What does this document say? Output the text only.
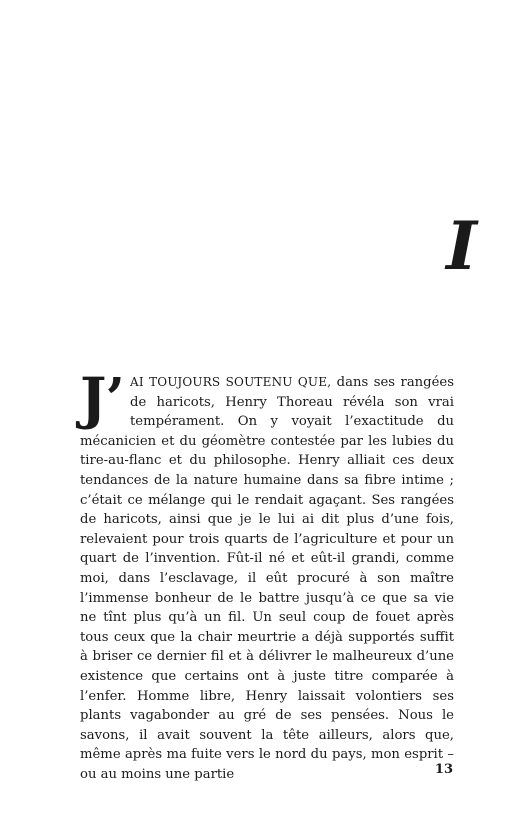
I

J’ AI TOUJOURS SOUTENU QUE, dans ses rangées de haricots, Henry Thoreau révéla son vrai tempérament. On y voyait l’exactitude du mécanicien et du géomètre contestée par les lubies du tire-au-flanc et du philosophe. Henry alliait ces deux tendances de la nature humaine dans sa fibre intime ; c’était ce mélange qui le rendait agaçant. Ses rangées de haricots, ainsi que je le lui ai dit plus d’une fois, relevaient pour trois quarts de l’agriculture et pour un quart de l’invention. Fût-il né et eût-il grandi, comme moi, dans l’esclavage, il eût procuré à son maître l’immense bonheur de le battre jusqu’à ce que sa vie ne tînt plus qu’à un fil. Un seul coup de fouet après tous ceux que la chair meurtrie a déjà supportés suffit à briser ce dernier fil et à délivrer le malheureux d’une existence que certains ont à juste titre comparée à l’enfer. Homme libre, Henry laissait volontiers ses plants vagabonder au gré de ses pensées. Nous le savons, il avait souvent la tête ailleurs, alors que, même après ma fuite vers le nord du pays, mon esprit – ou au moins une partie	13
